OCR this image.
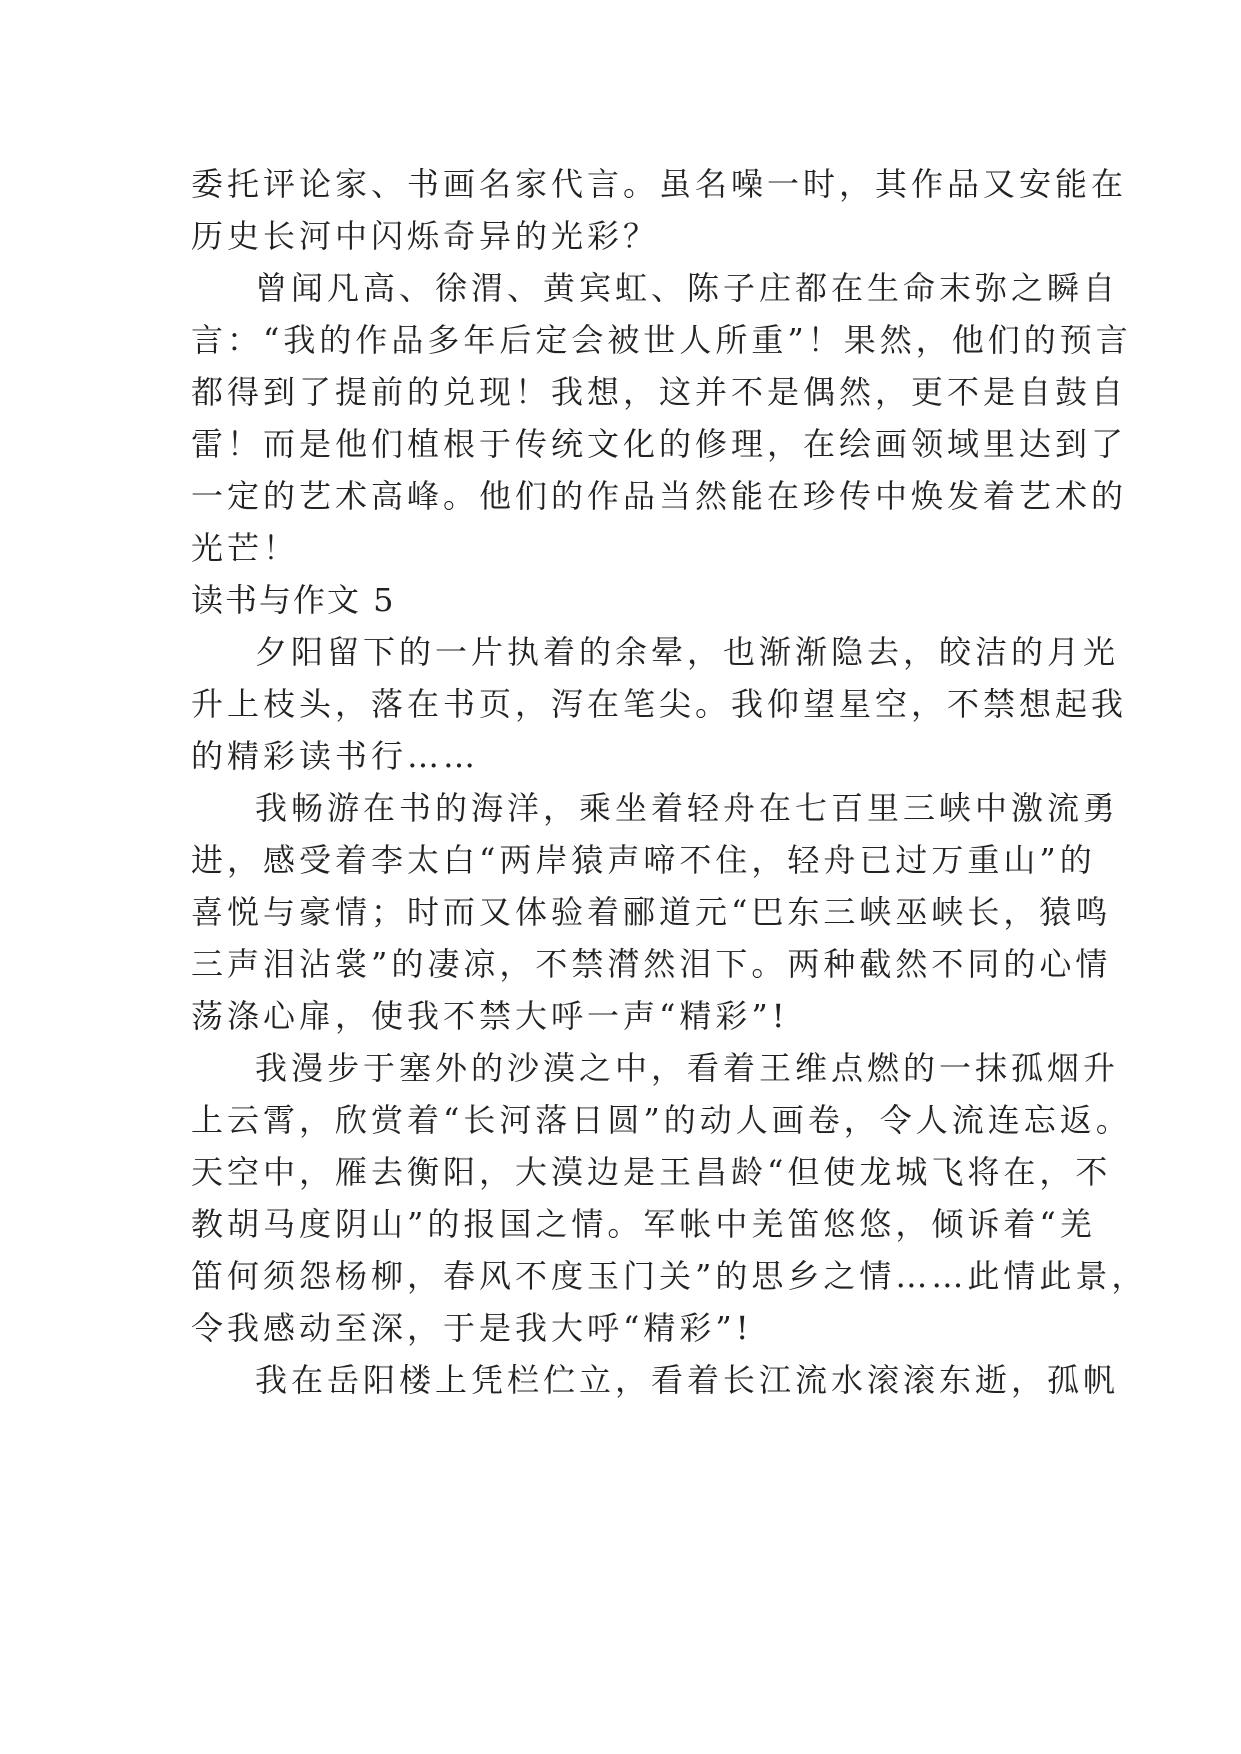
委托评论家、书画名家代言。虽名噪一时，其作品又安能在
历史长河中闪烁奇异的光彩？
曾闻凡高、徐渭、黄宾虹、陈子庄都在生命末弥之瞬自
言：“我的作品多年后定会被世人所重”！果然，他们的预言
都得到了提前的兑现！我想，这并不是偶然，更不是自鼓自
雷！而是他们植根于传统文化的修理，在绘画领域里达到了
一定的艺术高峰。他们的作品当然能在珍传中焕发着艺术的
光芒！
读书与作文 5
夕阳留下的一片执着的余晕，也渐渐隐去，皎洁的月光
升上枝头，落在书页，泻在笔尖。我仰望星空，不禁想起我
的精彩读书行……
我畅游在书的海洋，乘坐着轻舟在七百里三峡中激流勇
进，感受着李太白“两岸猿声啼不住，轻舟已过万重山”的
喜悦与豪情；时而又体验着郦道元“巴东三峡巫峡长，猿鸣
三声泪沾裳”的凄凉，不禁潸然泪下。两种截然不同的心情
荡涤心扉，使我不禁大呼一声“精彩”!
我漫步于塞外的沙漠之中，看着王维点燃的一抹孤烟升
上云霄，欣赏着“长河落日圆”的动人画卷，令人流连忘返。
天空中，雁去衡阳，大漠边是王昌龄“但使龙城飞将在，不
教胡马度阴山”的报国之情。军帐中羌笛悠悠，倾诉着“羌
笛何须怨杨柳，春风不度玉门关”的思乡之情……此情此景，
令我感动至深，于是我大呼“精彩”!
我在岳阳楼上凭栏伫立，看着长江流水滚滚东逝，孤帆
